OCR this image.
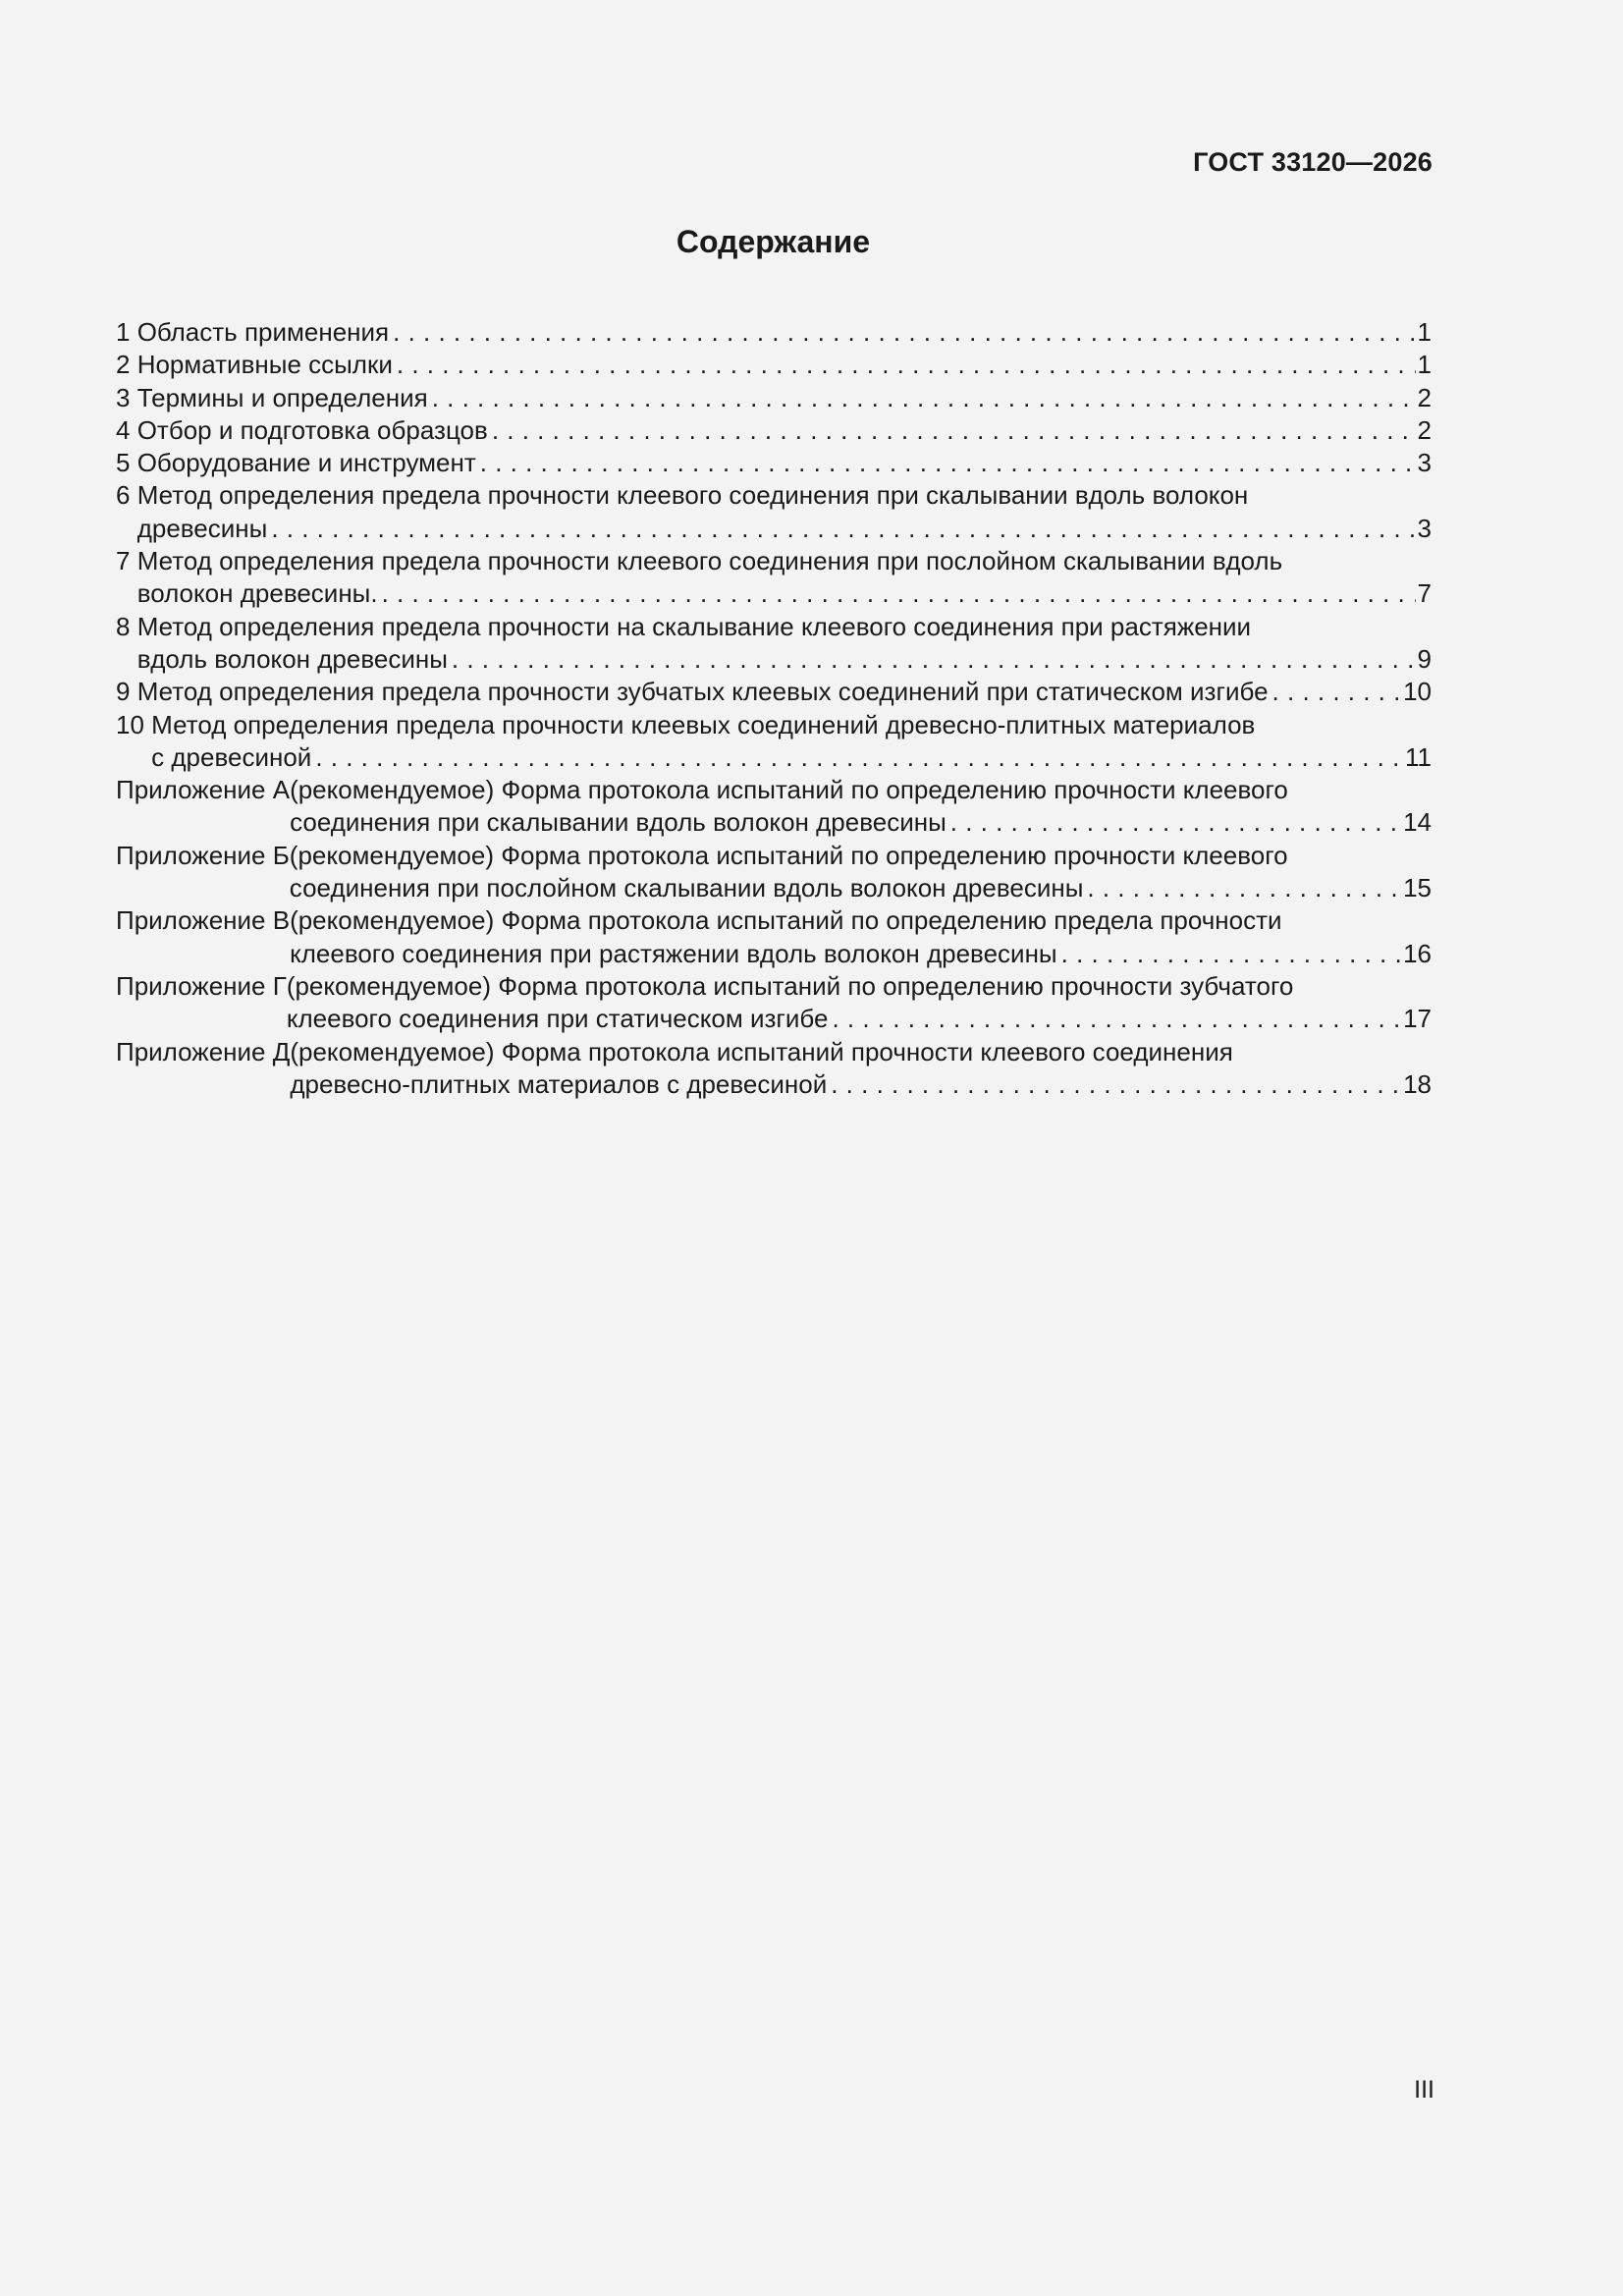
ГОСТ 33120—2026
Содержание
1 Область применения . . .	1
2 Нормативные ссылки . . .	1
3 Термины и определения . . .	2
4 Отбор и подготовка образцов . . .	2
5 Оборудование и инструмент . . .	3
6 Метод определения предела прочности клеевого соединения при скалывании вдоль волокон
древесины . . .	3
7 Метод определения предела прочности клеевого соединения при послойном скалывании вдоль
волокон древесины. . . .	7
8 Метод определения предела прочности на скалывание клеевого соединения при растяжении
вдоль волокон древесины . . .	9
9 Метод определения предела прочности зубчатых клеевых соединений при статическом изгибе . . .	10
10 Метод определения предела прочности клеевых соединений древесно-плитных материалов
с древесиной . . .	11
Приложение А (рекомендуемое) Форма протокола испытаний по определению прочности клеевого
соединения при скалывании вдоль волокон древесины . . .	14
Приложение Б (рекомендуемое) Форма протокола испытаний по определению прочности клеевого
соединения при послойном скалывании вдоль волокон древесины . . .	15
Приложение В (рекомендуемое) Форма протокола испытаний по определению предела прочности
клеевого соединения при растяжении вдоль волокон древесины . . .	16
Приложение Г (рекомендуемое) Форма протокола испытаний по определению прочности зубчатого
клеевого соединения при статическом изгибе . . .	17
Приложение Д (рекомендуемое) Форма протокола испытаний прочности клеевого соединения
древесно-плитных материалов с древесиной . . .	18
III
